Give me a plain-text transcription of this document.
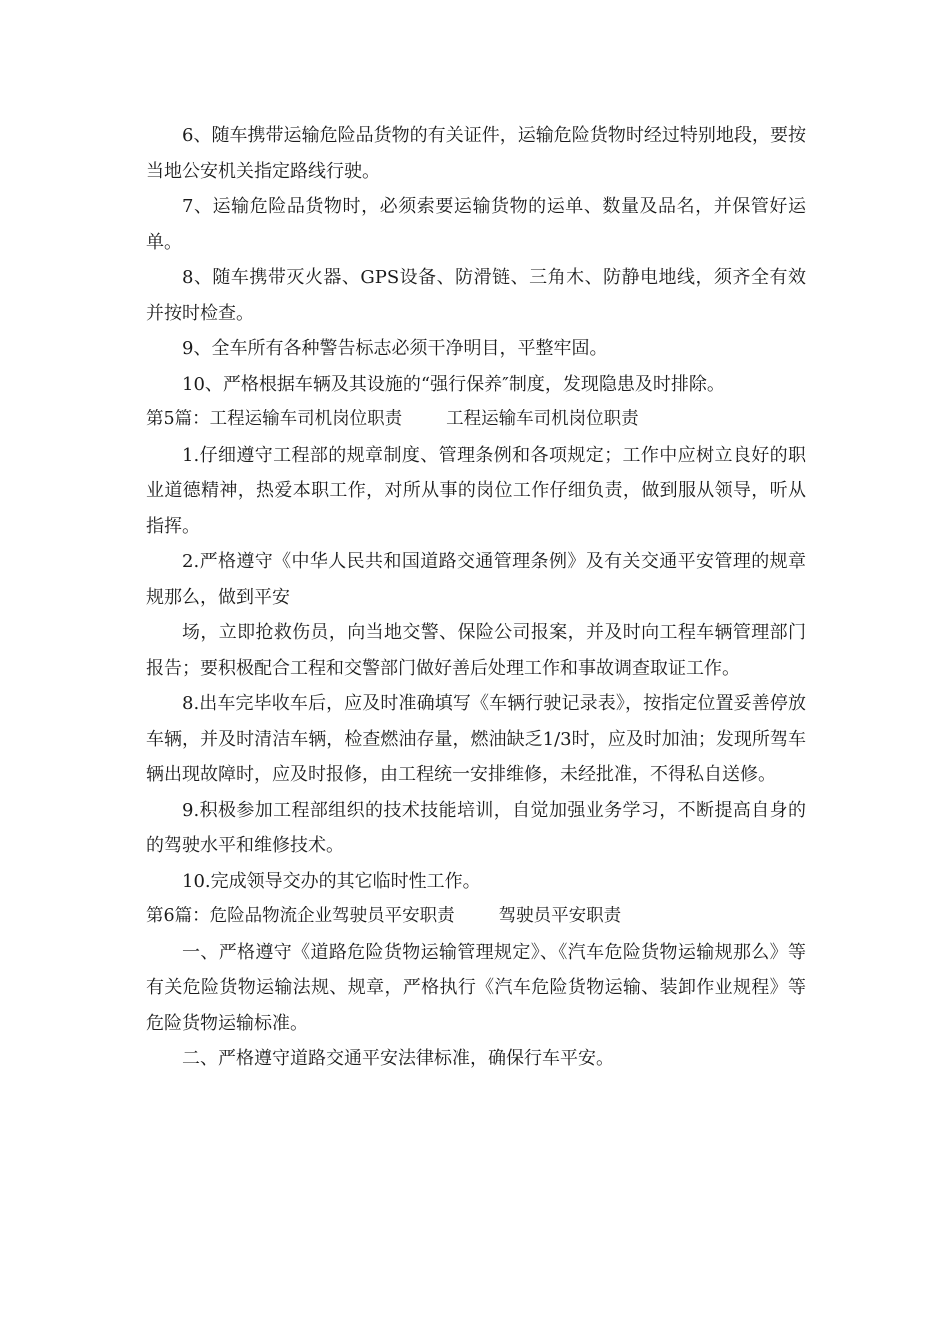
6、随车携带运输危险品货物的有关证件，运输危险货物时经过特别地段，要按当地公安机关指定路线行驶。

7、运输危险品货物时，必须索要运输货物的运单、数量及品名，并保管好运单。

8、随车携带灭火器、GPS设备、防滑链、三角木、防静电地线，须齐全有效并按时检查。

9、全车所有各种警告标志必须干净明目，平整牢固。

10、严格根据车辆及其设施的“强行保养″制度，发现隐患及时排除。

第5篇：工程运输车司机岗位职责	工程运输车司机岗位职责

1.仔细遵守工程部的规章制度、管理条例和各项规定；工作中应树立良好的职业道德精神，热爱本职工作，对所从事的岗位工作仔细负责，做到服从领导，听从指挥。

2.严格遵守《中华人民共和国道路交通管理条例》及有关交通平安管理的规章规那么，做到平安

场，立即抢救伤员，向当地交警、保险公司报案，并及时向工程车辆管理部门报告；要积极配合工程和交警部门做好善后处理工作和事故调查取证工作。

8.出车完毕收车后，应及时准确填写《车辆行驶记录表》，按指定位置妥善停放车辆，并及时清洁车辆，检查燃油存量，燃油缺乏1/3时，应及时加油；发现所驾车辆出现故障时，应及时报修，由工程统一安排维修，未经批准，不得私自送修。

9.积极参加工程部组织的技术技能培训，自觉加强业务学习，不断提高自身的的驾驶水平和维修技术。

10.完成领导交办的其它临时性工作。

第6篇：危险品物流企业驾驶员平安职责	驾驶员平安职责

一、严格遵守《道路危险货物运输管理规定》、《汽车危险货物运输规那么》等有关危险货物运输法规、规章，严格执行《汽车危险货物运输、装卸作业规程》等危险货物运输标准。

二、严格遵守道路交通平安法律标准，确保行车平安。
